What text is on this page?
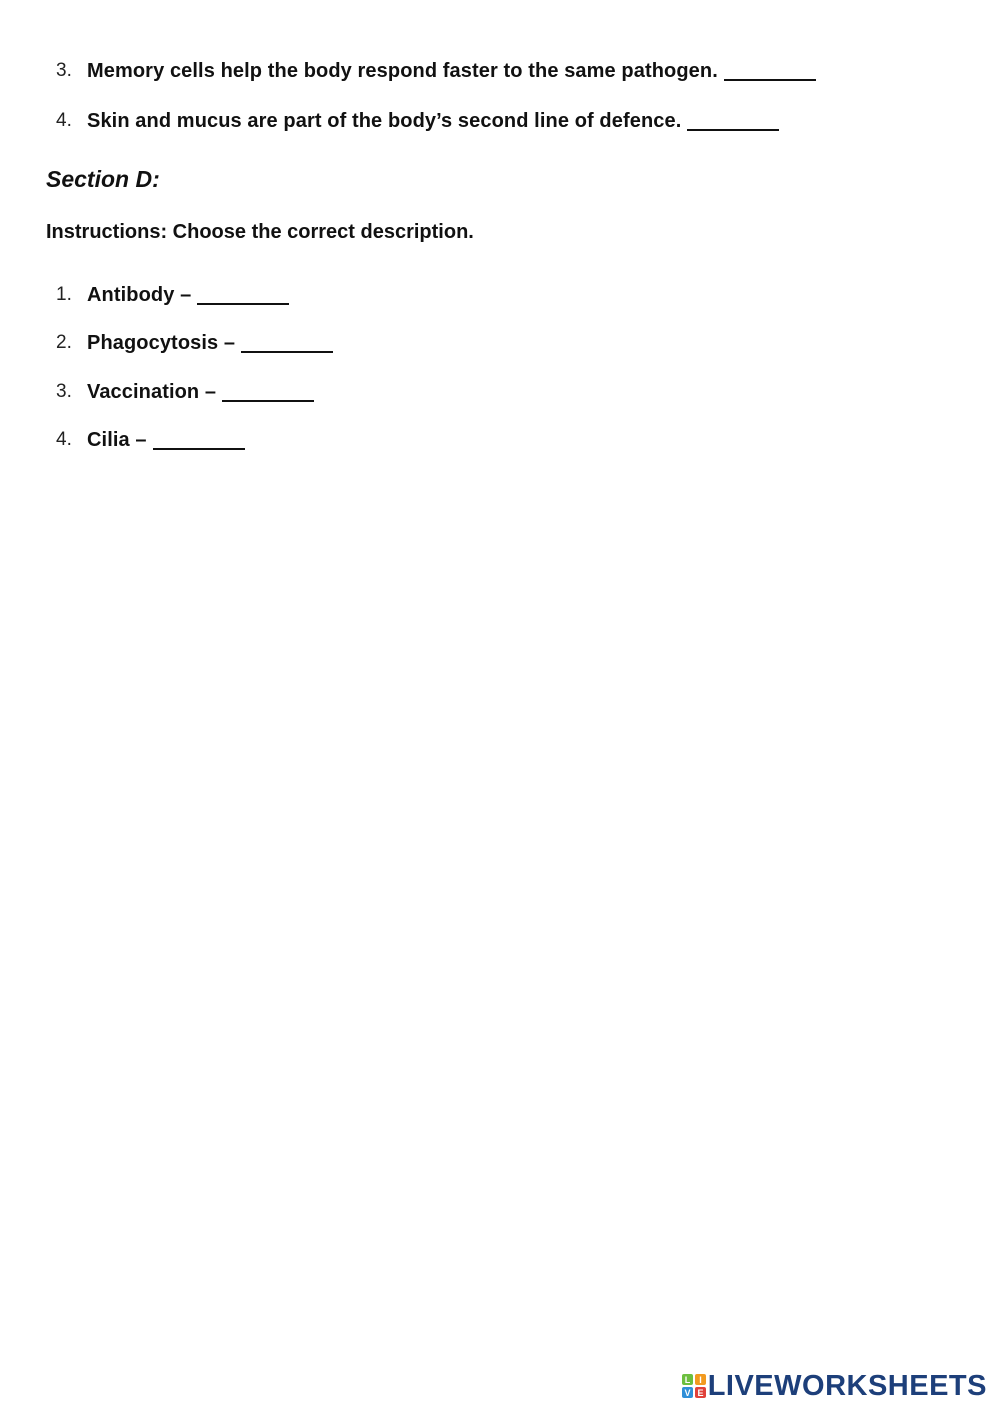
3. Memory cells help the body respond faster to the same pathogen.
4. Skin and mucus are part of the body’s second line of defence.
Section D:
Instructions: Choose the correct description.
1. Antibody –
2. Phagocytosis –
3. Vaccination –
4. Cilia –
L I
V E LIVEWORKSHEETS
